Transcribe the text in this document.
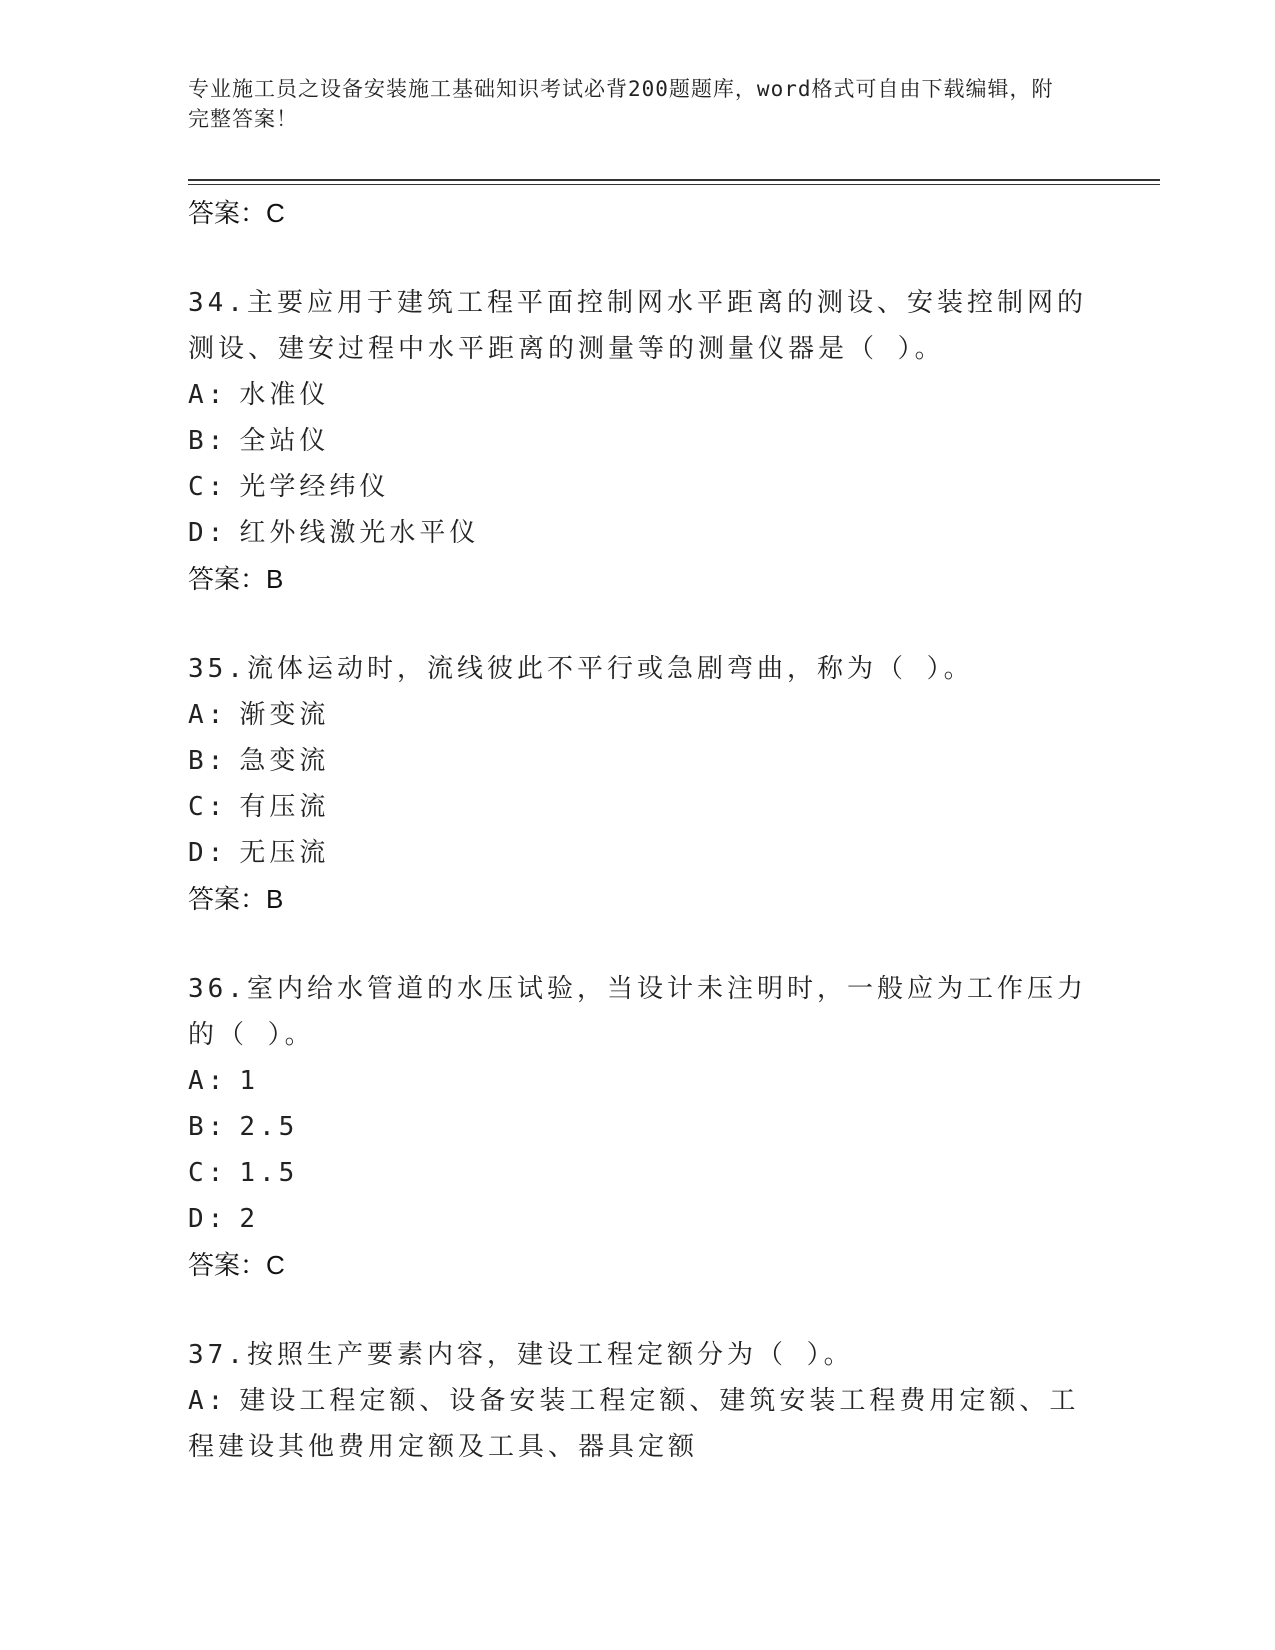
专业施工员之设备安装施工基础知识考试必背200题题库，word格式可自由下载编辑，附完整答案！
答案：C
34.主要应用于建筑工程平面控制网水平距离的测设、安装控制网的测设、建安过程中水平距离的测量等的测量仪器是（ ）。
A: 水准仪
B: 全站仪
C: 光学经纬仪
D: 红外线激光水平仪
答案：B
35.流体运动时，流线彼此不平行或急剧弯曲，称为（ ）。
A: 渐变流
B: 急变流
C: 有压流
D: 无压流
答案：B
36.室内给水管道的水压试验，当设计未注明时，一般应为工作压力的（ ）。
A: 1
B: 2.5
C: 1.5
D: 2
答案：C
37.按照生产要素内容，建设工程定额分为（ ）。
A: 建设工程定额、设备安装工程定额、建筑安装工程费用定额、工程建设其他费用定额及工具、器具定额
